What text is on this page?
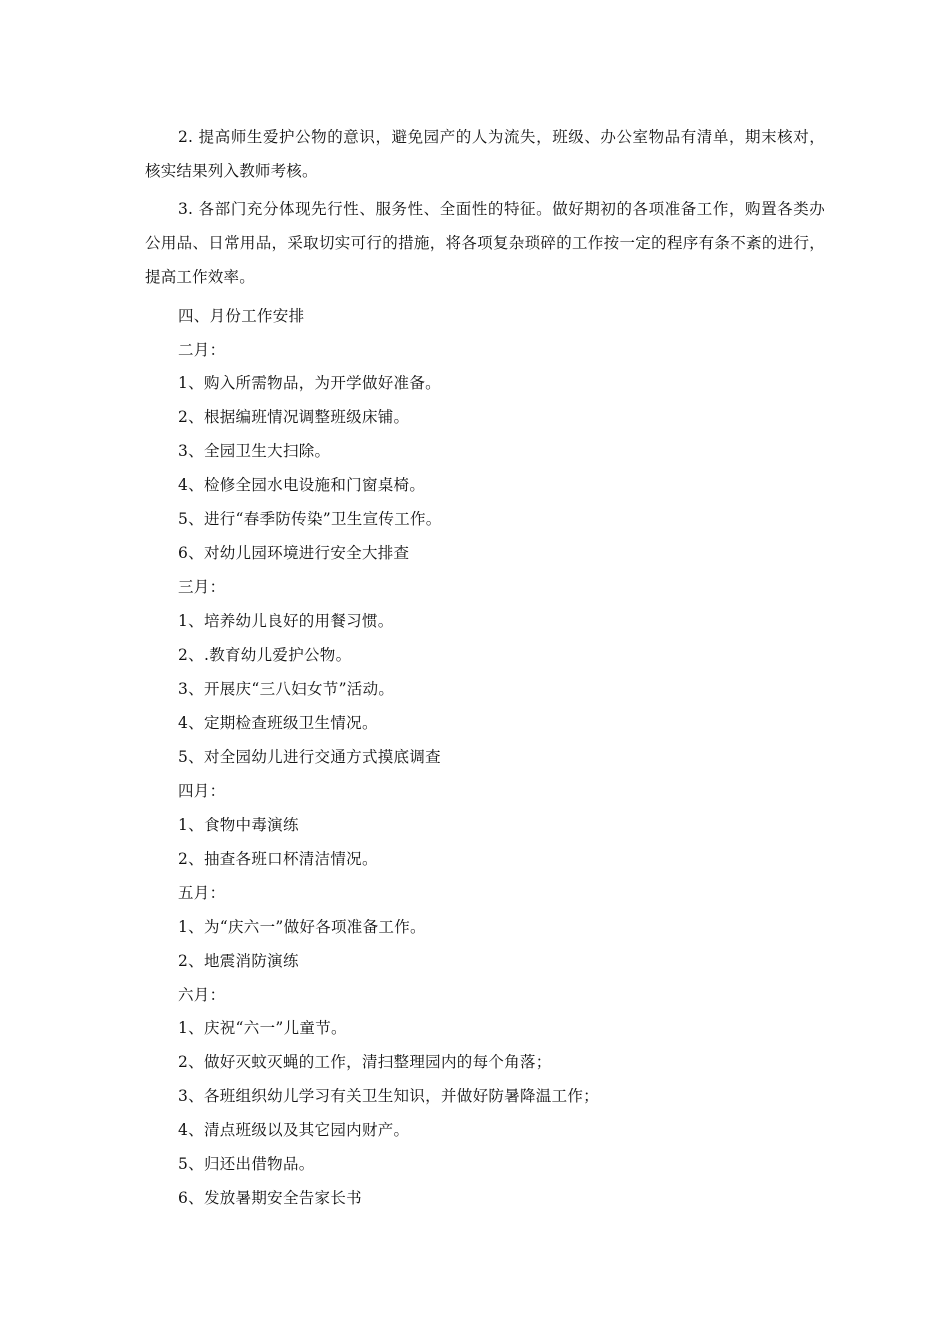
2. 提高师生爱护公物的意识，避免园产的人为流失，班级、办公室物品有清单，期末核对，核实结果列入教师考核。

3. 各部门充分体现先行性、服务性、全面性的特征。做好期初的各项准备工作，购置各类办公用品、日常用品，采取切实可行的措施，将各项复杂琐碎的工作按一定的程序有条不紊的进行，提高工作效率。

四、月份工作安排

二月：

1、购入所需物品，为开学做好准备。

2、根据编班情况调整班级床铺。

3、全园卫生大扫除。

4、检修全园水电设施和门窗桌椅。

5、进行“春季防传染”卫生宣传工作。

6、对幼儿园环境进行安全大排查

三月：

1、培养幼儿良好的用餐习惯。

2、.教育幼儿爱护公物。

3、开展庆“三八妇女节”活动。

4、定期检查班级卫生情况。

5、对全园幼儿进行交通方式摸底调查

四月：

1、食物中毒演练

2、抽查各班口杯清洁情况。

五月：

1、为“庆六一”做好各项准备工作。

2、地震消防演练

六月：

1、庆祝“六一”儿童节。

2、做好灭蚊灭蝇的工作，清扫整理园内的每个角落；

3、各班组织幼儿学习有关卫生知识，并做好防暑降温工作；

4、清点班级以及其它园内财产。

5、归还出借物品。

6、发放暑期安全告家长书
